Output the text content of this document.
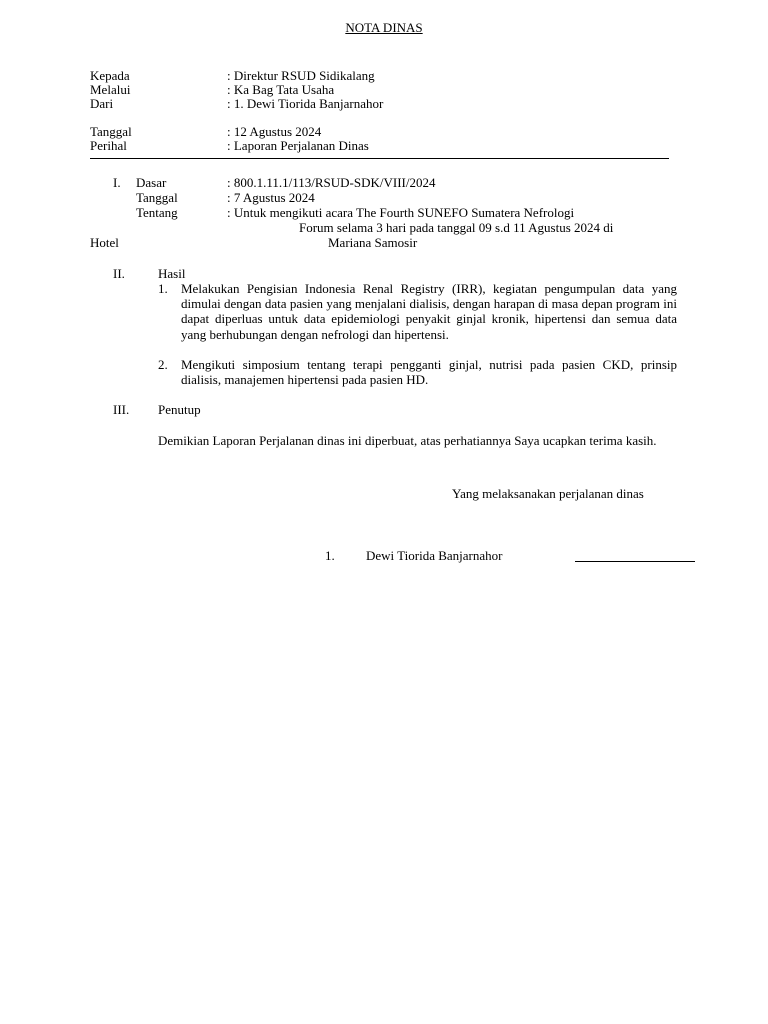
NOTA DINAS
Kepada	: Direktur RSUD Sidikalang
Melalui	: Ka Bag Tata Usaha
Dari	: 1. Dewi Tiorida Banjarnahor
Tanggal	: 12 Agustus 2024
Perihal	: Laporan Perjalanan Dinas
I. Dasar	: 800.1.11.1/113/RSUD-SDK/VIII/2024
Tanggal	: 7 Agustus 2024
Tentang	: Untuk mengikuti acara The Fourth SUNEFO Sumatera Nefrologi
Forum selama 3 hari pada tanggal 09 s.d 11 Agustus 2024 di
Hotel	Mariana Samosir
II.	Hasil
1. Melakukan Pengisian Indonesia Renal Registry (IRR), kegiatan pengumpulan data yang dimulai dengan data pasien yang menjalani dialisis, dengan harapan di masa depan program ini dapat diperluas untuk data epidemiologi penyakit ginjal kronik, hipertensi dan semua data yang berhubungan dengan nefrologi dan hipertensi.
2. Mengikuti simposium tentang terapi pengganti ginjal, nutrisi pada pasien CKD, prinsip dialisis, manajemen hipertensi pada pasien HD.
III. Penutup
Demikian Laporan Perjalanan dinas ini diperbuat, atas perhatiannya Saya ucapkan terima kasih.
Yang melaksanakan perjalanan dinas
1. Dewi Tiorida Banjarnahor
